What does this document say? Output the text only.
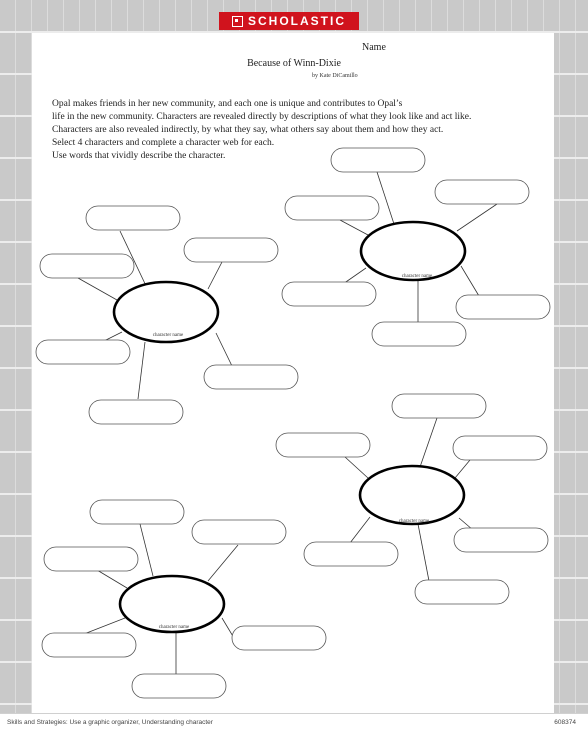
SCHOLASTIC
Name
Because of Winn-Dixie
by Kate DiCamillo
Opal makes friends in her new community, and each one is unique and contributes to Opal’s
life in the new community. Characters are revealed directly by descriptions of what they look like and act like.
Characters are also revealed indirectly, by what they say, what others say about them and how they act.
Select 4 characters and complete a character web for each.
Use words that vividly describe the character.
character name
character name
character name
character name
Skills and Strategies: Use a graphic organizer, Understanding character	608374
